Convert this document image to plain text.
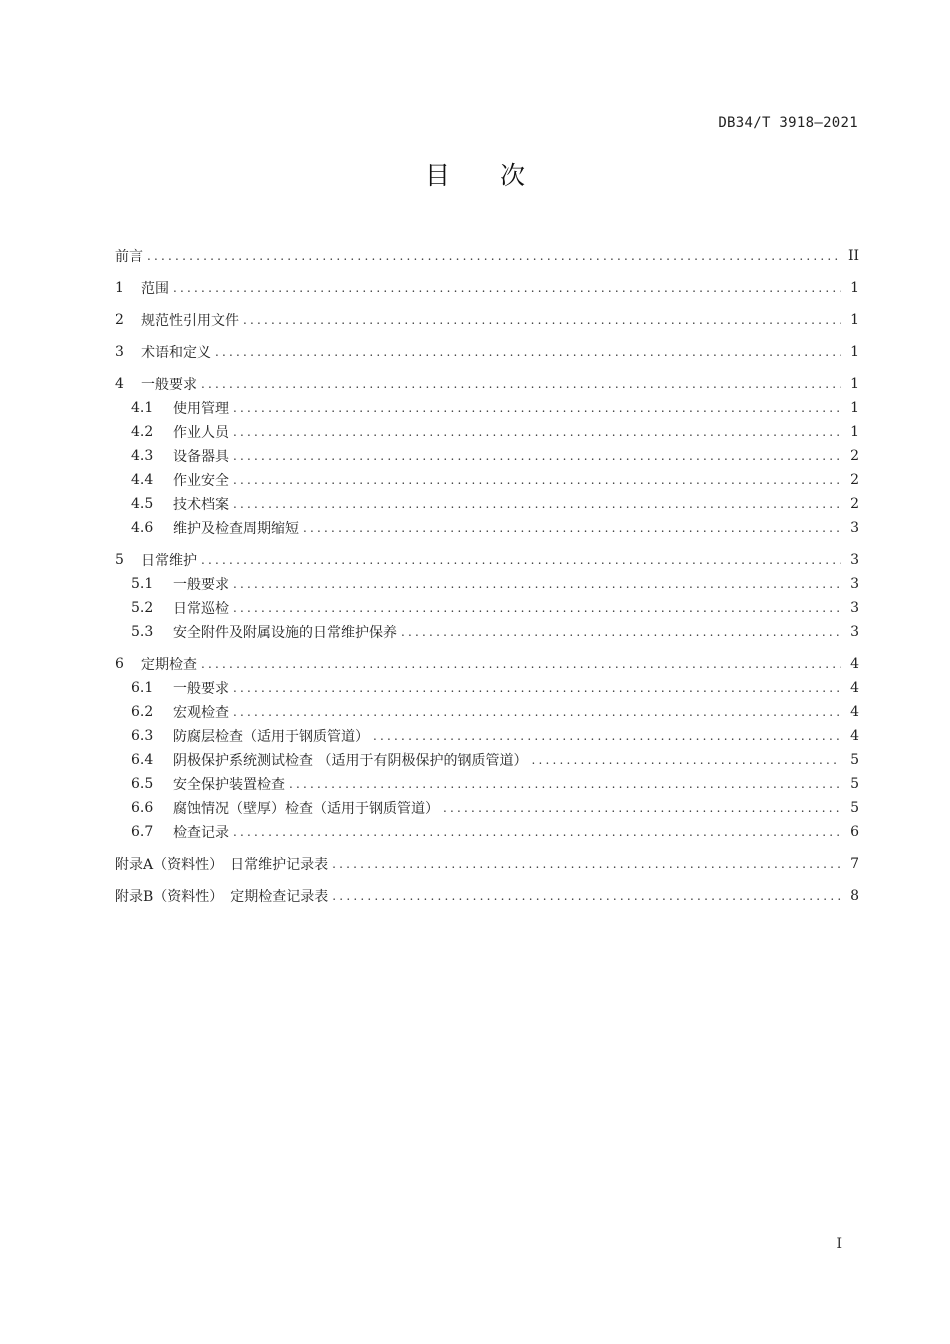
DB34/T 3918—2021
目次
前言 .....	II
1	范围 .....	1
2	规范性引用文件 .....	1
3	术语和定义 .....	1
4	一般要求 .....	1
4.1	使用管理 .....	1
4.2	作业人员 .....	1
4.3	设备器具 .....	2
4.4	作业安全 .....	2
4.5	技术档案 .....	2
4.6	维护及检查周期缩短 .....	3
5	日常维护 .....	3
5.1	一般要求 .....	3
5.2	日常巡检 .....	3
5.3	安全附件及附属设施的日常维护保养 .....	3
6	定期检查 .....	4
6.1	一般要求 .....	4
6.2	宏观检查 .....	4
6.3	防腐层检查（适用于钢质管道） .....	4
6.4	阴极保护系统测试检查 （适用于有阴极保护的钢质管道） .....	5
6.5	安全保护装置检查 .....	5
6.6	腐蚀情况（壁厚）检查（适用于钢质管道） .....	5
6.7	检查记录 .....	6
附录A（资料性）　日常维护记录表 .....	7
附录B（资料性）　定期检查记录表 .....	8
I
